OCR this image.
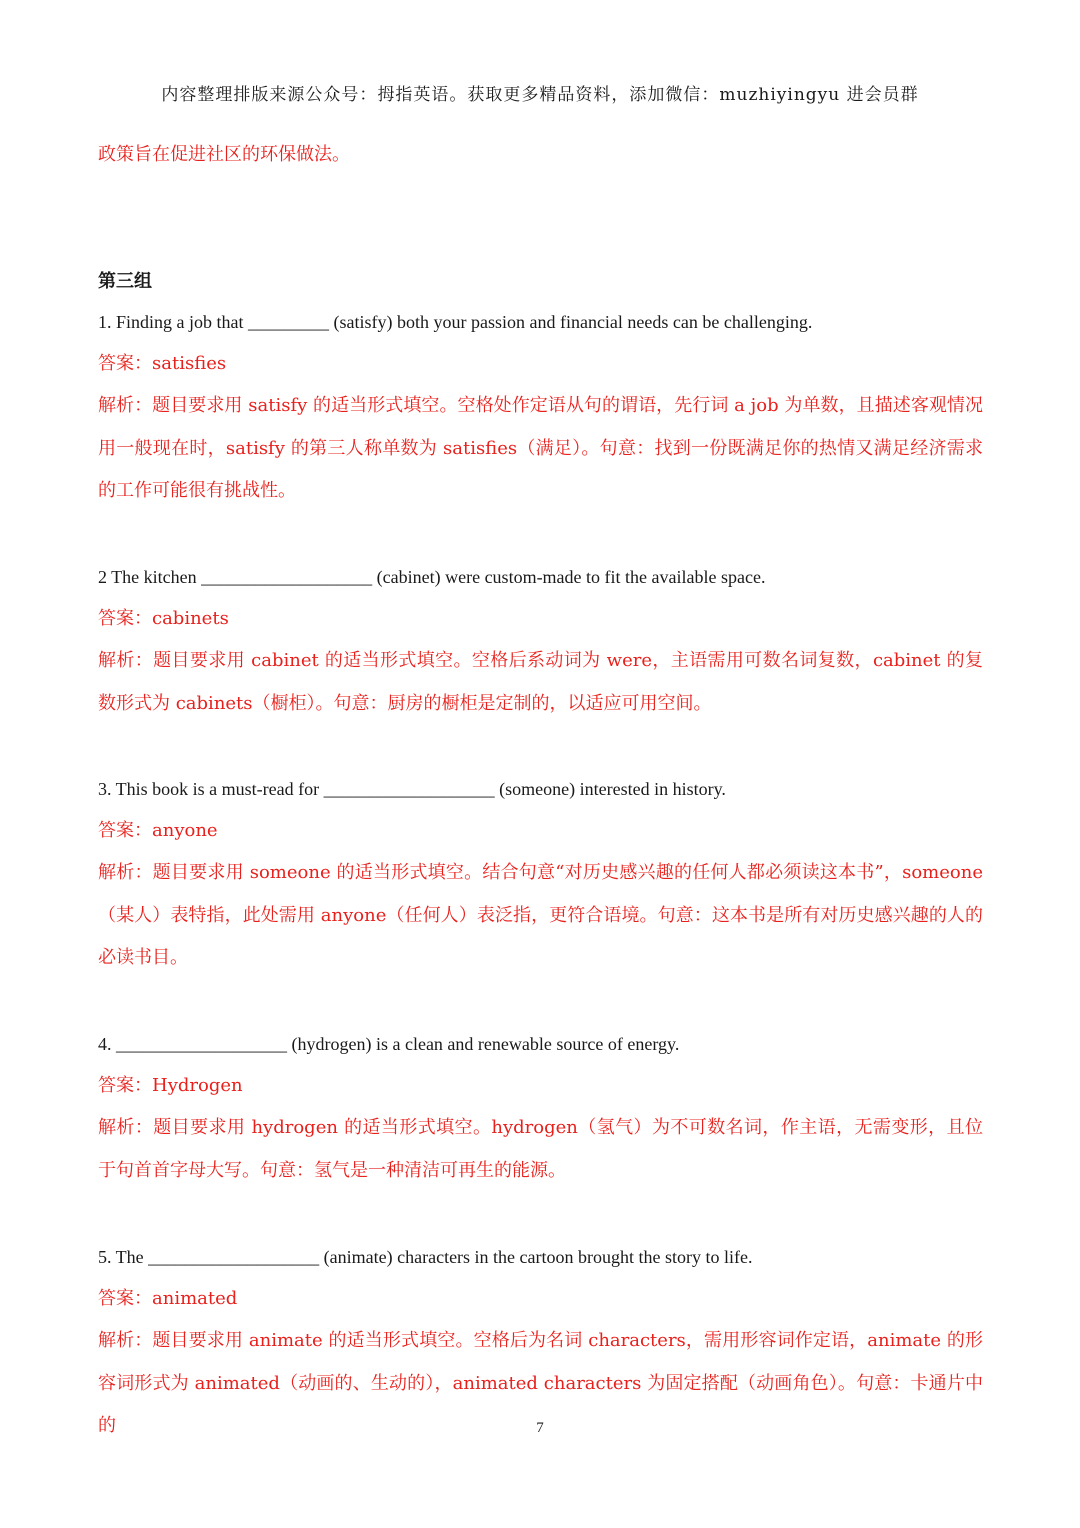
内容整理排版来源公众号：拇指英语。获取更多精品资料，添加微信：muzhiyingyu 进会员群
政策旨在促进社区的环保做法。
第三组
1. Finding a job that _________ (satisfy) both your passion and financial needs can be challenging.
答案：satisfies
解析：题目要求用 satisfy 的适当形式填空。空格处作定语从句的谓语，先行词 a job 为单数，且描述客观情况用一般现在时，satisfy 的第三人称单数为 satisfies（满足）。句意：找到一份既满足你的热情又满足经济需求的工作可能很有挑战性。
2 The kitchen ___________________ (cabinet) were custom-made to fit the available space.
答案：cabinets
解析：题目要求用 cabinet 的适当形式填空。空格后系动词为 were，主语需用可数名词复数，cabinet 的复数形式为 cabinets（橱柜）。句意：厨房的橱柜是定制的，以适应可用空间。
3. This book is a must-read for ___________________ (someone) interested in history.
答案：anyone
解析：题目要求用 someone 的适当形式填空。结合句意“对历史感兴趣的任何人都必须读这本书”，someone（某人）表特指，此处需用 anyone（任何人）表泛指，更符合语境。句意：这本书是所有对历史感兴趣的人的必读书目。
4. ___________________ (hydrogen) is a clean and renewable source of energy.
答案：Hydrogen
解析：题目要求用 hydrogen 的适当形式填空。hydrogen（氢气）为不可数名词，作主语，无需变形，且位于句首首字母大写。句意：氢气是一种清洁可再生的能源。
5. The ___________________ (animate) characters in the cartoon brought the story to life.
答案：animated
解析：题目要求用 animate 的适当形式填空。空格后为名词 characters，需用形容词作定语，animate 的形容词形式为 animated（动画的、生动的），animated characters 为固定搭配（动画角色）。句意：卡通片中的	7
